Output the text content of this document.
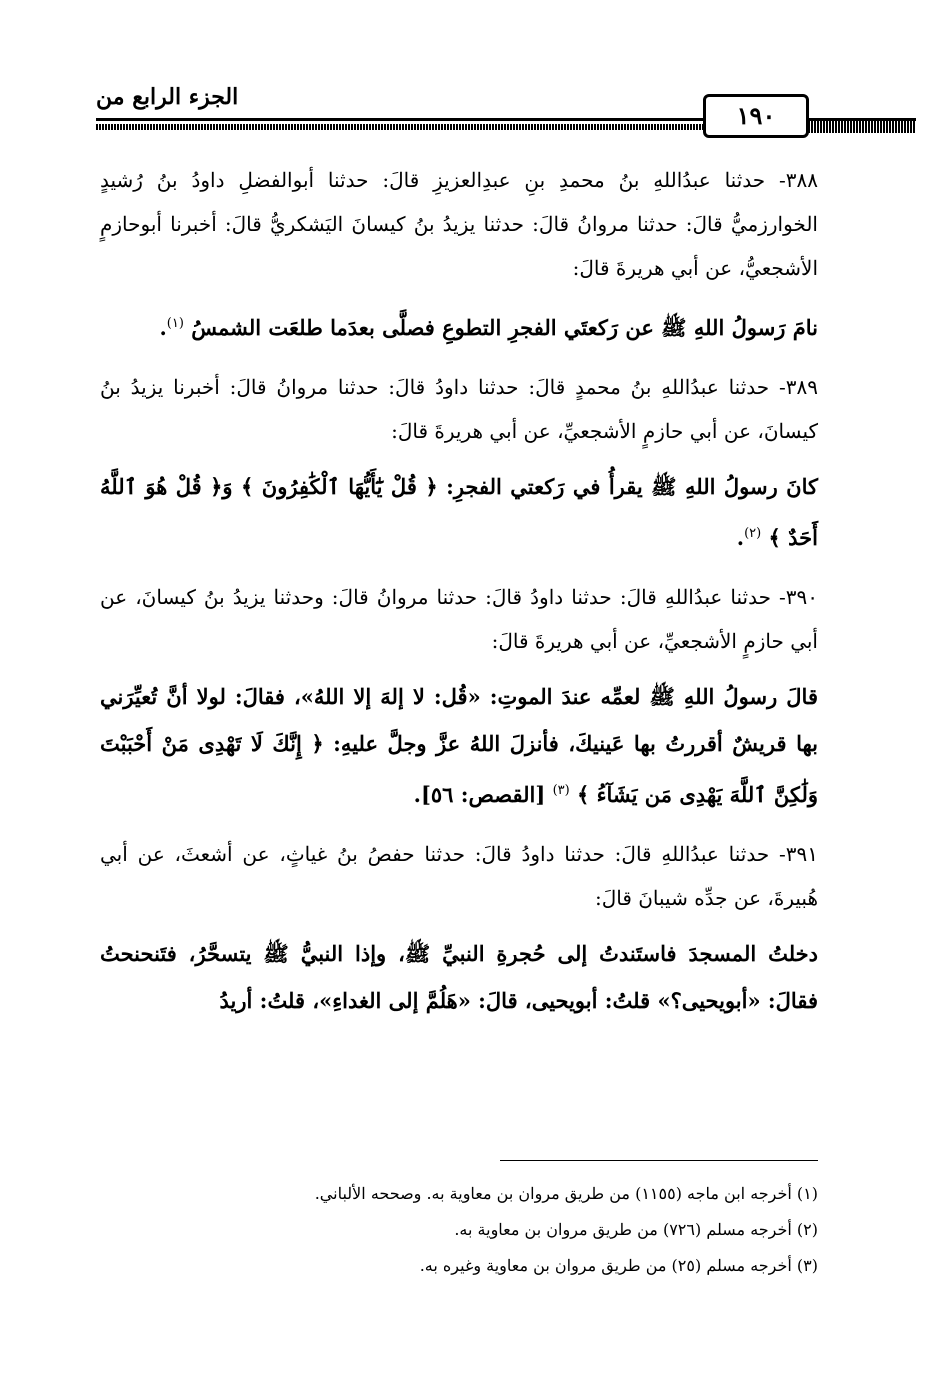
الجزء الرابع من
١٩٠

٣٨٨- حدثنا عبدُاللهِ بنُ محمدِ بنِ عبدِالعزيزِ قالَ: حدثنا أبوالفضلِ داودُ بنُ رُشيدٍ الخوارزميُّ قالَ: حدثنا مروانُ قالَ: حدثنا يزيدُ بنُ كيسانَ اليَشكريُّ قالَ: أخبرنا أبوحازمٍ الأشجعيُّ، عن أبي هريرةَ قالَ:

نامَ رَسولُ اللهِ ﷺ عن رَكعتَي الفجرِ التطوعِ فصلَّى بعدَما طلعَت الشمسُ $^{(١)}$.

٣٨٩- حدثنا عبدُاللهِ بنُ محمدٍ قالَ: حدثنا داودُ قالَ: حدثنا مروانُ قالَ: أخبرنا يزيدُ بنُ كيسانَ، عن أبي حازمٍ الأشجعيِّ، عن أبي هريرةَ قالَ:

كانَ رسولُ اللهِ ﷺ يقرأُ في رَكعتي الفجرِ: ﴿ قُلْ يَٰٓأَيُّهَا ٱلْكَٰفِرُونَ ﴾ وَ﴿ قُلْ هُوَ ٱللَّهُ أَحَدٌ ﴾ $^{(٢)}$.

٣٩٠- حدثنا عبدُاللهِ قالَ: حدثنا داودُ قالَ: حدثنا مروانُ قالَ: وحدثنا يزيدُ بنُ كيسانَ، عن أبي حازمٍ الأشجعيِّ، عن أبي هريرةَ قالَ:

قالَ رسولُ اللهِ ﷺ لعمِّه عندَ الموتِ: «قُل: لا إلهَ إلا اللهُ»، فقالَ: لولا أنَّ تُعيِّرَني بها قريشٌ أقررتُ بها عَينيكَ، فأنزلَ اللهُ عزَّ وجلَّ عليهِ: ﴿ إِنَّكَ لَا تَهْدِى مَنْ أَحْبَبْتَ وَلَٰكِنَّ ٱللَّهَ يَهْدِى مَن يَشَآءُ ﴾ $^{(٣)}$ [القصص: ٥٦].

٣٩١- حدثنا عبدُاللهِ قالَ: حدثنا داودُ قالَ: حدثنا حفصُ بنُ غياثٍ، عن أشعثَ، عن أبي هُبيرةَ، عن جدِّه شيبانَ قالَ:

دخلتُ المسجدَ فاستَندتُ إلى حُجرةِ النبيِّ ﷺ، وإذا النبيُّ ﷺ يتسحَّرُ، فتَنحنحتُ فقالَ: «أبويحيى؟» قلتُ: أبويحيى، قالَ: «هَلُمَّ إلى الغداءِ»، قلتُ: أريدُ

(١) أخرجه ابن ماجه (١١٥٥) من طريق مروان بن معاوية به. وصححه الألباني.

(٢) أخرجه مسلم (٧٢٦) من طريق مروان بن معاوية به.

(٣) أخرجه مسلم (٢٥) من طريق مروان بن معاوية وغيره به.
